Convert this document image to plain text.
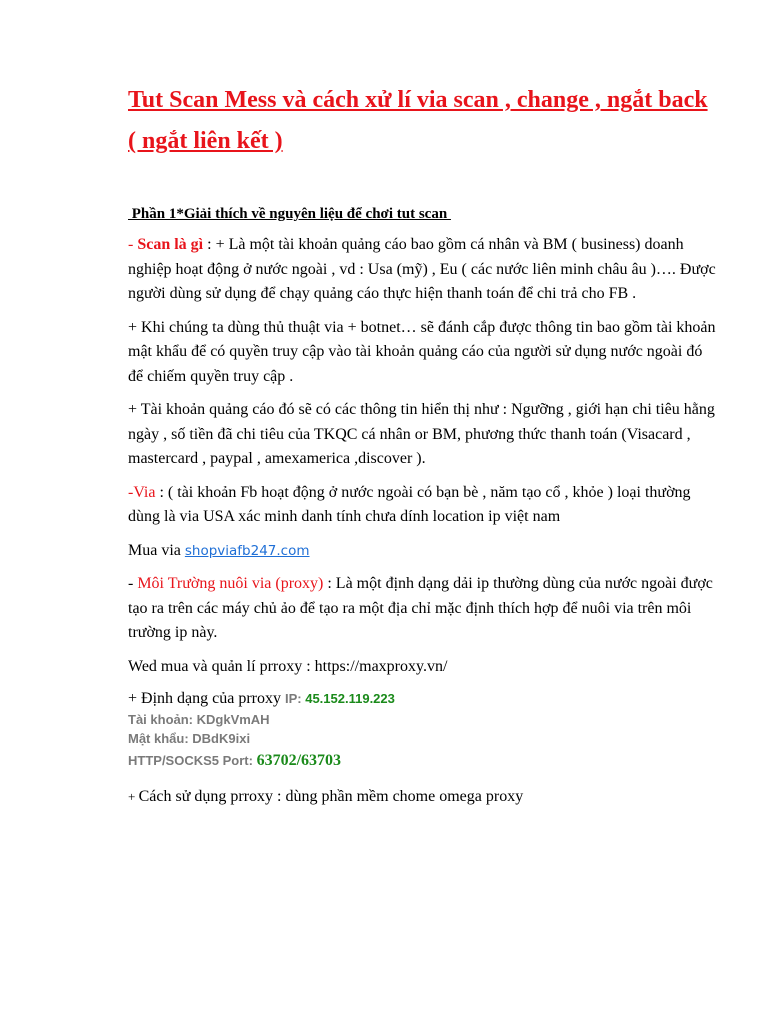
Tut Scan Mess và cách xử lí via scan , change , ngắt back ( ngắt liên kết )
Phần 1*Giải thích về nguyên liệu để chơi tut scan

- Scan là gì : + Là một tài khoản quảng cáo bao gồm cá nhân và BM ( business) doanh nghiệp hoạt động ở nước ngoài , vd : Usa (mỹ) , Eu ( các nước liên minh châu âu )…. Được người dùng sử dụng để chạy quảng cáo thực hiện thanh toán để chi trả cho FB .

+ Khi chúng ta dùng thủ thuật via + botnet… sẽ đánh cắp được thông tin bao gồm tài khoản mật khẩu để có quyền truy cập vào tài khoản quảng cáo của người sử dụng nước ngoài đó để chiếm quyền truy cập .

+ Tài khoản quảng cáo đó sẽ có các thông tin hiển thị như : Ngưỡng , giới hạn chi tiêu hằng ngày , số tiền đã chi tiêu của TKQC cá nhân or BM, phương thức thanh toán (Visacard , mastercard , paypal , amexamerica ,discover ).

-Via : ( tài khoản Fb hoạt động ở nước ngoài có bạn bè , năm tạo cổ , khỏe ) loại thường dùng là via USA xác minh danh tính chưa dính location ip việt nam

Mua via shopviafb247.com

- Môi Trường nuôi via (proxy) : Là một định dạng dải ip thường dùng của nước ngoài được tạo ra trên các máy chủ ảo để tạo ra một địa chỉ mặc định thích hợp để nuôi via trên môi trường ip này.

Wed mua và quản lí prroxy : https://maxproxy.vn/

+ Định dạng của prroxy IP: 45.152.119.223
Tài khoản: KDgkVmAH
Mật khẩu: DBdK9ixi
HTTP/SOCKS5 Port: 63702/63703

+ Cách sử dụng prroxy : dùng phần mềm chome omega proxy
